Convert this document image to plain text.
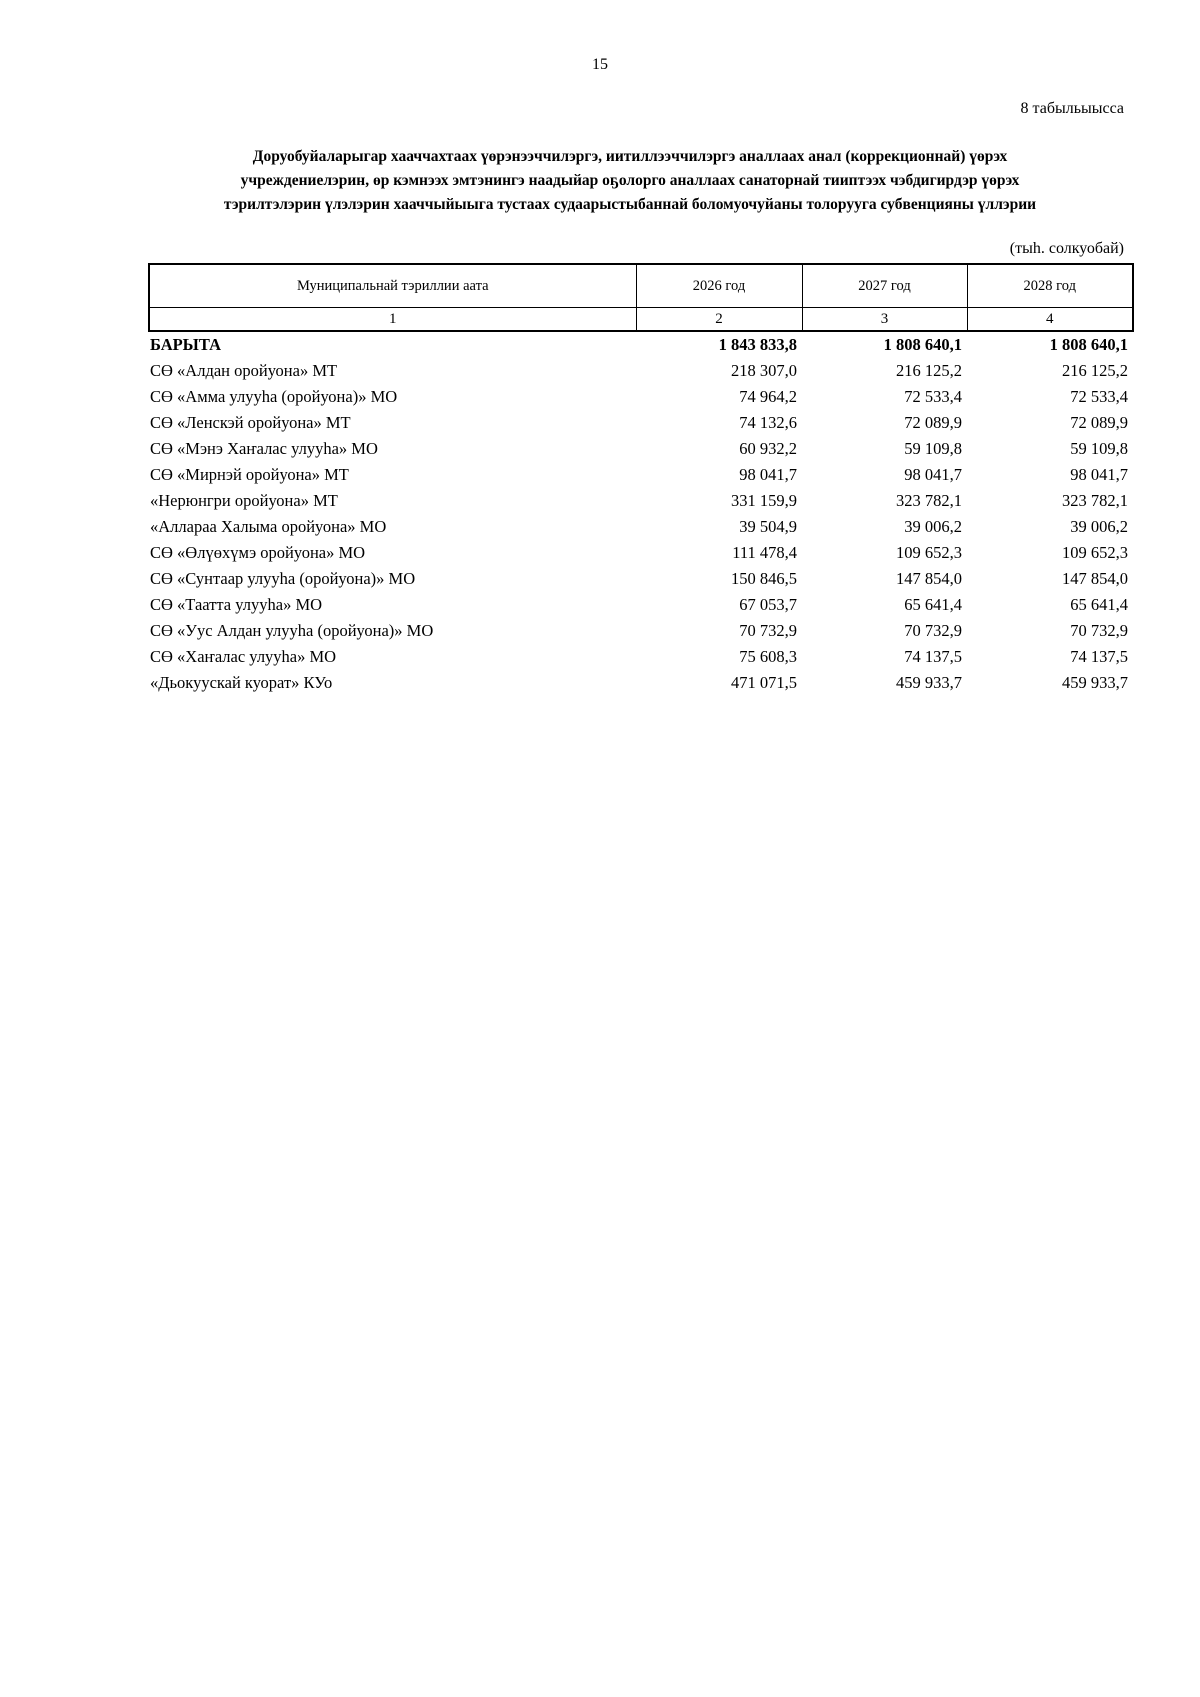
15
8 табыльыысса
Доруобуйаларыгар хааччахтаах үөрэнээччилэргэ, иитиллээччилэргэ аналлаах анал (коррекционнай) үөрэх
учреждениелэрин, өр кэмнээх эмтэнингэ наадыйар оҕолорго аналлаах санаторнай тииптээх чэбдигирдэр үөрэх
тэрилтэлэрин үлэлэрин хааччыйыыга тустаах судаарыстыбаннай боломуочуйаны толорууга субвенцияны үллэрии
(тыһ. солкуобай)
Муниципальнай тэриллии аата	2026 год	2027 год	2028 год
1	2	3	4
БАРЫТА	1 843 833,8	1 808 640,1	1 808 640,1
СӨ «Алдан оройуона» МТ	218 307,0	216 125,2	216 125,2
СӨ «Амма улууһа (оройуона)» МО	74 964,2	72 533,4	72 533,4
СӨ «Ленскэй оройуона» МТ	74 132,6	72 089,9	72 089,9
СӨ «Мэнэ Хаҥалас улууһа» МО	60 932,2	59 109,8	59 109,8
СӨ «Мирнэй оройуона» МТ	98 041,7	98 041,7	98 041,7
«Нерюнгри оройуона» МТ	331 159,9	323 782,1	323 782,1
«Аллараа Халыма оройуона» МО	39 504,9	39 006,2	39 006,2
СӨ «Өлүөхүмэ оройуона» МО	111 478,4	109 652,3	109 652,3
СӨ «Сунтаар улууһа (оройуона)» МО	150 846,5	147 854,0	147 854,0
СӨ «Таатта улууһа» МО	67 053,7	65 641,4	65 641,4
СӨ «Уус Алдан улууһа (оройуона)» МО	70 732,9	70 732,9	70 732,9
СӨ «Хаҥалас улууһа» МО	75 608,3	74 137,5	74 137,5
«Дьокуускай куорат» КУо	471 071,5	459 933,7	459 933,7
